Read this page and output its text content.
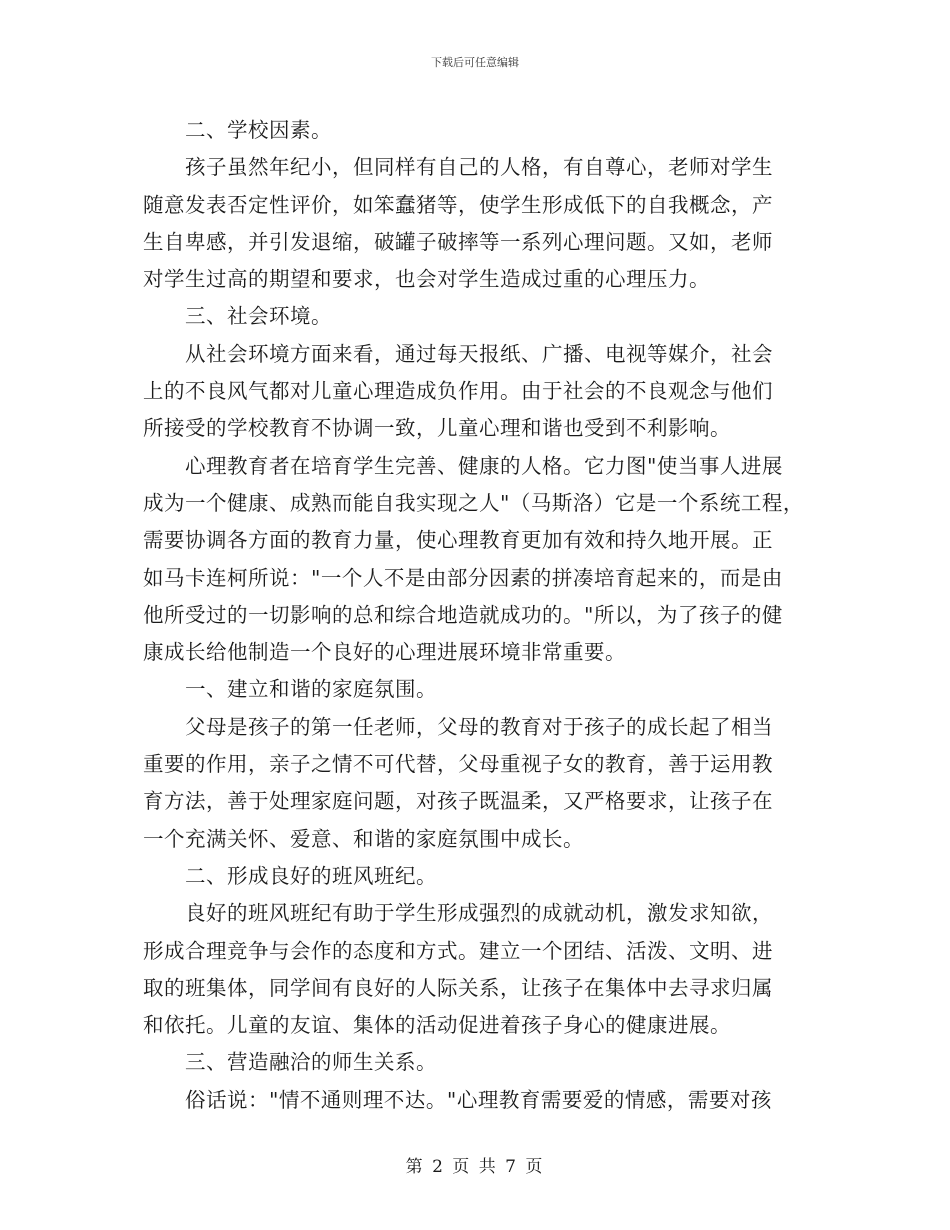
下载后可任意编辑
二、学校因素。
孩子虽然年纪小，但同样有自己的人格，有自尊心，老师对学生
随意发表否定性评价，如笨蠢猪等，使学生形成低下的自我概念，产
生自卑感，并引发退缩，破罐子破摔等一系列心理问题。又如，老师
对学生过高的期望和要求，也会对学生造成过重的心理压力。
三、社会环境。
从社会环境方面来看，通过每天报纸、广播、电视等媒介，社会
上的不良风气都对儿童心理造成负作用。由于社会的不良观念与他们
所接受的学校教育不协调一致，儿童心理和谐也受到不利影响。
心理教育者在培育学生完善、健康的人格。它力图"使当事人进展
成为一个健康、成熟而能自我实现之人"（马斯洛）它是一个系统工程，
需要协调各方面的教育力量，使心理教育更加有效和持久地开展。正
如马卡连柯所说："一个人不是由部分因素的拼凑培育起来的，而是由
他所受过的一切影响的总和综合地造就成功的。"所以，为了孩子的健
康成长给他制造一个良好的心理进展环境非常重要。
一、建立和谐的家庭氛围。
父母是孩子的第一任老师，父母的教育对于孩子的成长起了相当
重要的作用，亲子之情不可代替，父母重视子女的教育，善于运用教
育方法，善于处理家庭问题，对孩子既温柔，又严格要求，让孩子在
一个充满关怀、爱意、和谐的家庭氛围中成长。
二、形成良好的班风班纪。
良好的班风班纪有助于学生形成强烈的成就动机，激发求知欲，
形成合理竞争与会作的态度和方式。建立一个团结、活泼、文明、进
取的班集体，同学间有良好的人际关系，让孩子在集体中去寻求归属
和依托。儿童的友谊、集体的活动促进着孩子身心的健康进展。
三、营造融洽的师生关系。
俗话说："情不通则理不达。"心理教育需要爱的情感，需要对孩
第 2 页 共 7 页
